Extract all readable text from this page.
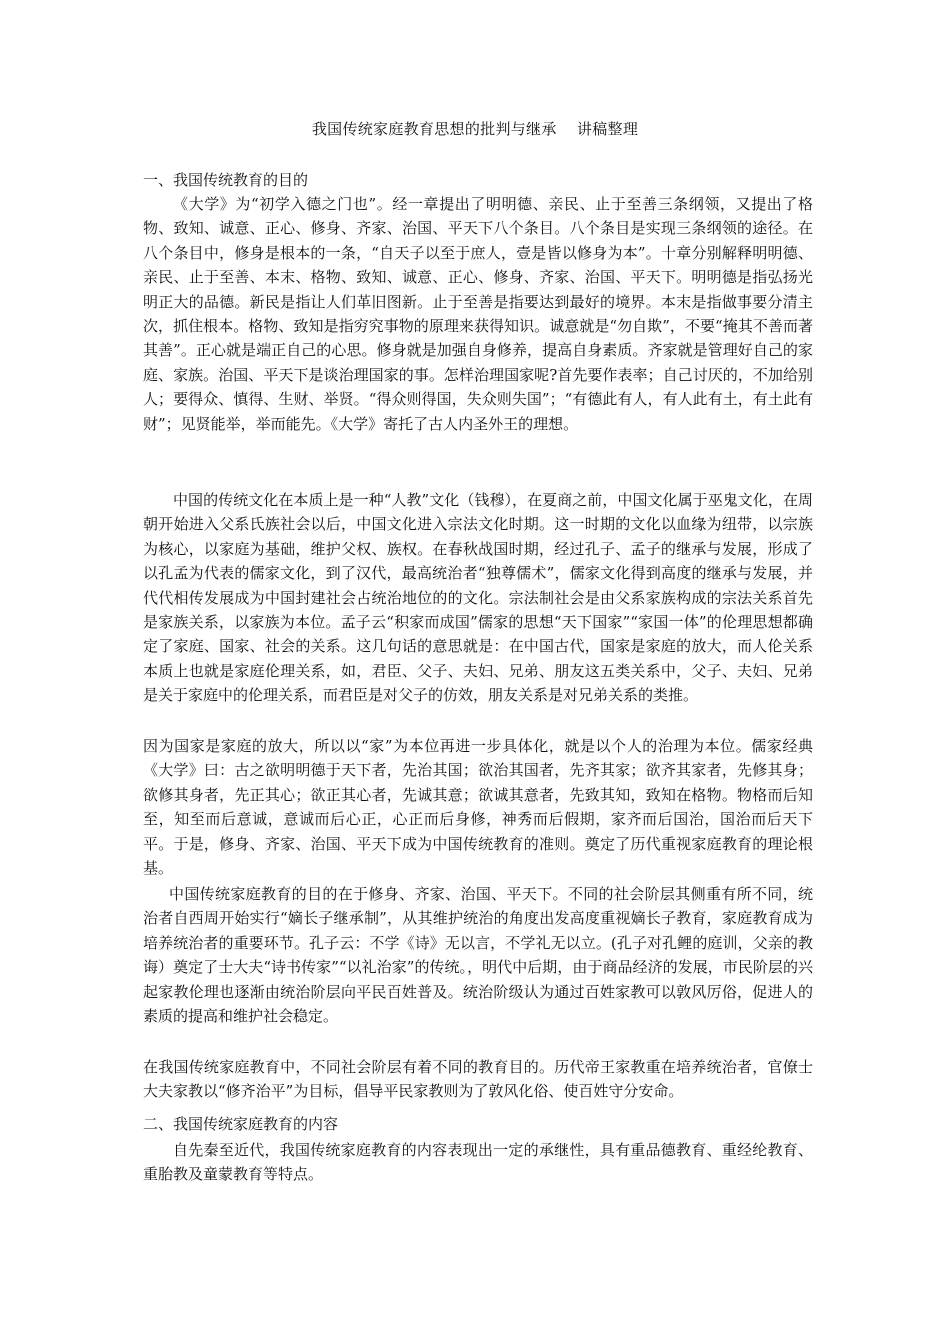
我国传统家庭教育思想的批判与继承    讲稿整理
一、我国传统教育的目的

《大学》为“初学入德之门也”。经一章提出了明明德、亲民、止于至善三条纲领，又提出了格物、致知、诚意、正心、修身、齐家、治国、平天下八个条目。八个条目是实现三条纲领的途径。在八个条目中，修身是根本的一条，“自天子以至于庶人，壹是皆以修身为本”。十章分别解释明明德、亲民、止于至善、本末、格物、致知、诚意、正心、修身、齐家、治国、平天下。明明德是指弘扬光明正大的品德。新民是指让人们革旧图新。止于至善是指要达到最好的境界。本末是指做事要分清主次，抓住根本。格物、致知是指穷究事物的原理来获得知识。诚意就是“勿自欺”，不要“掩其不善而著其善”。正心就是端正自己的心思。修身就是加强自身修养，提高自身素质。齐家就是管理好自己的家庭、家族。治国、平天下是谈治理国家的事。怎样治理国家呢?首先要作表率；自己讨厌的，不加给别人；要得众、慎得、生财、举贤。“得众则得国，失众则失国”；“有德此有人，有人此有土，有土此有财”；见贤能举，举而能先。《大学》寄托了古人内圣外王的理想。

中国的传统文化在本质上是一种“人教”文化（钱穆），在夏商之前，中国文化属于巫鬼文化，在周朝开始进入父系氏族社会以后，中国文化进入宗法文化时期。这一时期的文化以血缘为纽带，以宗族为核心，以家庭为基础，维护父权、族权。在春秋战国时期，经过孔子、孟子的继承与发展，形成了以孔孟为代表的儒家文化，到了汉代，最高统治者“独尊儒术”，儒家文化得到高度的继承与发展，并代代相传发展成为中国封建社会占统治地位的的文化。宗法制社会是由父系家族构成的宗法关系首先是家族关系，以家族为本位。孟子云“积家而成国”儒家的思想“天下国家”“家国一体”的伦理思想都确定了家庭、国家、社会的关系。这几句话的意思就是：在中国古代，国家是家庭的放大，而人伦关系本质上也就是家庭伦理关系，如，君臣、父子、夫妇、兄弟、朋友这五类关系中，父子、夫妇、兄弟是关于家庭中的伦理关系，而君臣是对父子的仿效，朋友关系是对兄弟关系的类推。

因为国家是家庭的放大，所以以“家”为本位再进一步具体化，就是以个人的治理为本位。儒家经典《大学》曰：古之欲明明德于天下者，先治其国；欲治其国者，先齐其家；欲齐其家者，先修其身；欲修其身者，先正其心；欲正其心者，先诚其意；欲诚其意者，先致其知，致知在格物。物格而后知至，知至而后意诚，意诚而后心正，心正而后身修，神秀而后假期，家齐而后国治，国治而后天下平。于是，修身、齐家、治国、平天下成为中国传统教育的准则。奠定了历代重视家庭教育的理论根基。

中国传统家庭教育的目的在于修身、齐家、治国、平天下。不同的社会阶层其侧重有所不同，统治者自西周开始实行“嫡长子继承制”，从其维护统治的角度出发高度重视嫡长子教育，家庭教育成为培养统治者的重要环节。孔子云：不学《诗》无以言，不学礼无以立。(孔子对孔鲤的庭训，父亲的教诲）奠定了士大夫“诗书传家”“以礼治家”的传统。，明代中后期，由于商品经济的发展，市民阶层的兴起家教伦理也逐渐由统治阶层向平民百姓普及。统治阶级认为通过百姓家教可以敦风厉俗，促进人的素质的提高和维护社会稳定。

在我国传统家庭教育中，不同社会阶层有着不同的教育目的。历代帝王家教重在培养统治者，官僚士大夫家教以“修齐治平”为目标，倡导平民家教则为了敦风化俗、使百姓守分安命。

二、我国传统家庭教育的内容

自先秦至近代，我国传统家庭教育的内容表现出一定的承继性，具有重品德教育、重经纶教育、重胎教及童蒙教育等特点。
